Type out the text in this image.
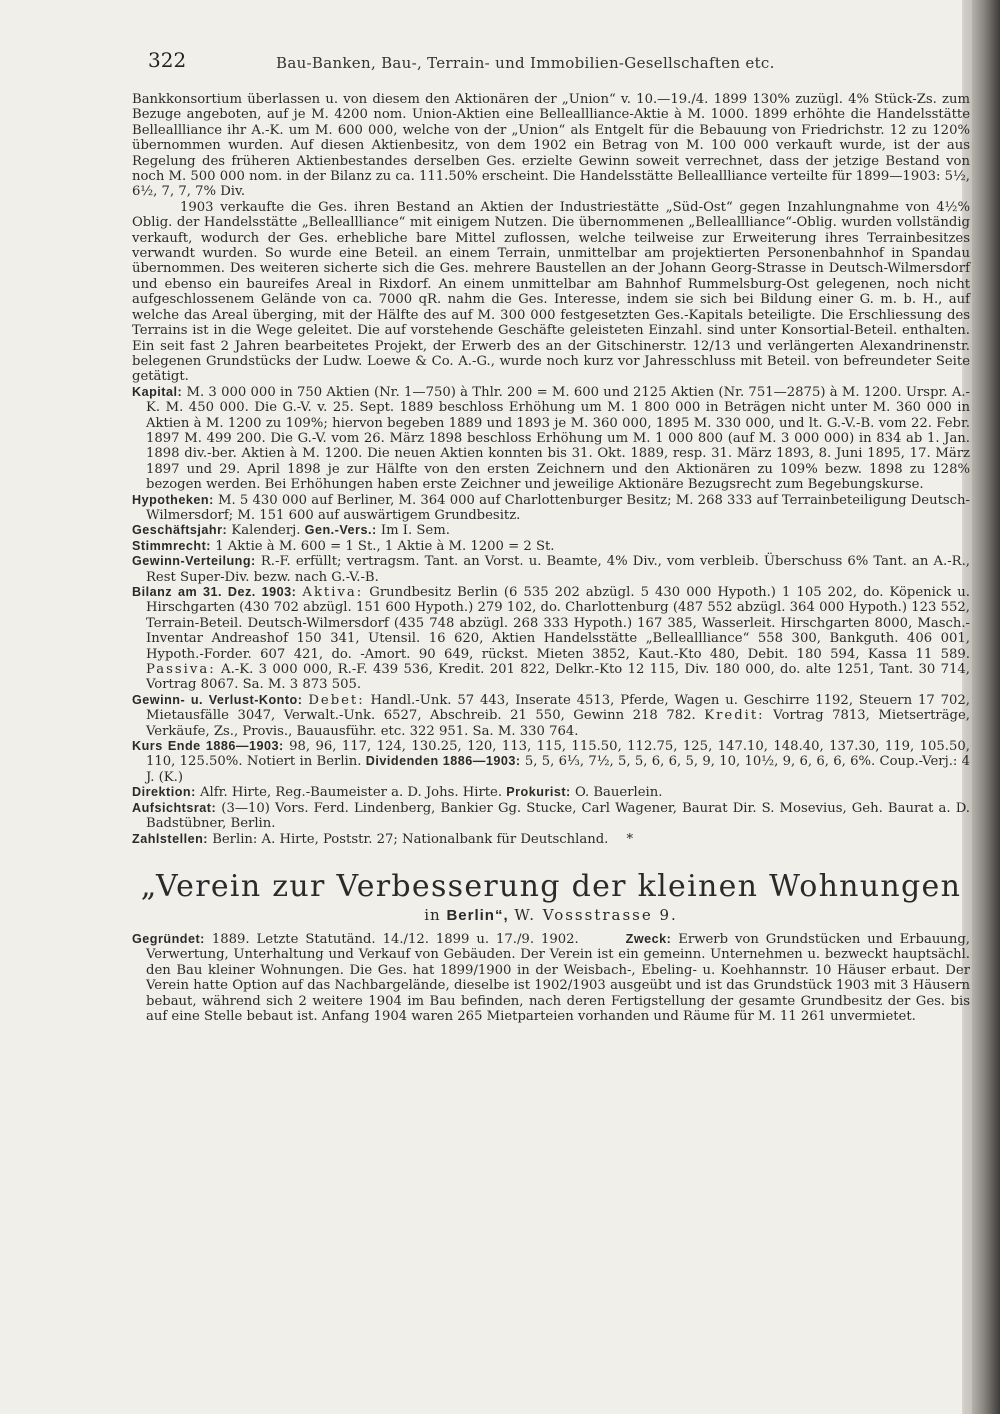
322	Bau-Banken, Bau-, Terrain- und Immobilien-Gesellschaften etc.

Bankkonsortium überlassen u. von diesem den Aktionären der „Union“ v. 10.—19./4. 1899 130% zuzügl. 4% Stück-Zs. zum Bezuge angeboten, auf je M. 4200 nom. Union-Aktien eine Belleallliance-Aktie à M. 1000. 1899 erhöhte die Handelsstätte Belleallliance ihr A.-K. um M. 600 000, welche von der „Union“ als Entgelt für die Bebauung von Friedrichstr. 12 zu 120% übernommen wurden. Auf diesen Aktienbesitz, von dem 1902 ein Betrag von M. 100 000 verkauft wurde, ist der aus Regelung des früheren Aktienbestandes derselben Ges. erzielte Gewinn soweit verrechnet, dass der jetzige Bestand von noch M. 500 000 nom. in der Bilanz zu ca. 111.50% erscheint. Die Handelsstätte Belleallliance verteilte für 1899—1903: 5½, 6½, 7, 7, 7% Div.

1903 verkaufte die Ges. ihren Bestand an Aktien der Industriestätte „Süd-Ost“ gegen Inzahlungnahme von 4½% Oblig. der Handelsstätte „Belleallliance“ mit einigem Nutzen. Die übernommenen „Belleallliance“-Oblig. wurden vollständig verkauft, wodurch der Ges. erhebliche bare Mittel zuflossen, welche teilweise zur Erweiterung ihres Terrainbesitzes verwandt wurden. So wurde eine Beteil. an einem Terrain, unmittelbar am projektierten Personenbahnhof in Spandau übernommen. Des weiteren sicherte sich die Ges. mehrere Baustellen an der Johann Georg-Strasse in Deutsch-Wilmersdorf und ebenso ein baureifes Areal in Rixdorf. An einem unmittelbar am Bahnhof Rummelsburg-Ost gelegenen, noch nicht aufgeschlossenem Gelände von ca. 7000 qR. nahm die Ges. Interesse, indem sie sich bei Bildung einer G. m. b. H., auf welche das Areal überging, mit der Hälfte des auf M. 300 000 festgesetzten Ges.-Kapitals beteiligte. Die Erschliessung des Terrains ist in die Wege geleitet. Die auf vorstehende Geschäfte geleisteten Einzahl. sind unter Konsortial-Beteil. enthalten. Ein seit fast 2 Jahren bearbeitetes Projekt, der Erwerb des an der Gitschinerstr. 12/13 und verlängerten Alexandrinenstr. belegenen Grundstücks der Ludw. Loewe & Co. A.-G., wurde noch kurz vor Jahresschluss mit Beteil. von befreundeter Seite getätigt.

Kapital: M. 3 000 000 in 750 Aktien (Nr. 1—750) à Thlr. 200 = M. 600 und 2125 Aktien (Nr. 751—2875) à M. 1200. Urspr. A.-K. M. 450 000. Die G.-V. v. 25. Sept. 1889 beschloss Erhöhung um M. 1 800 000 in Beträgen nicht unter M. 360 000 in Aktien à M. 1200 zu 109%; hiervon begeben 1889 und 1893 je M. 360 000, 1895 M. 330 000, und lt. G.-V.-B. vom 22. Febr. 1897 M. 499 200. Die G.-V. vom 26. März 1898 beschloss Erhöhung um M. 1 000 800 (auf M. 3 000 000) in 834 ab 1. Jan. 1898 div.-ber. Aktien à M. 1200. Die neuen Aktien konnten bis 31. Okt. 1889, resp. 31. März 1893, 8. Juni 1895, 17. März 1897 und 29. April 1898 je zur Hälfte von den ersten Zeichnern und den Aktionären zu 109% bezw. 1898 zu 128% bezogen werden. Bei Erhöhungen haben erste Zeichner und jeweilige Aktionäre Bezugsrecht zum Begebungskurse.

Hypotheken: M. 5 430 000 auf Berliner, M. 364 000 auf Charlottenburger Besitz; M. 268 333 auf Terrainbeteiligung Deutsch-Wilmersdorf; M. 151 600 auf auswärtigem Grundbesitz.

Geschäftsjahr: Kalenderj. Gen.-Vers.: Im I. Sem.

Stimmrecht: 1 Aktie à M. 600 = 1 St., 1 Aktie à M. 1200 = 2 St.

Gewinn-Verteilung: R.-F. erfüllt; vertragsm. Tant. an Vorst. u. Beamte, 4% Div., vom verbleib. Überschuss 6% Tant. an A.-R., Rest Super-Div. bezw. nach G.-V.-B.

Bilanz am 31. Dez. 1903: Aktiva: Grundbesitz Berlin (6 535 202 abzügl. 5 430 000 Hypoth.) 1 105 202, do. Köpenick u. Hirschgarten (430 702 abzügl. 151 600 Hypoth.) 279 102, do. Charlottenburg (487 552 abzügl. 364 000 Hypoth.) 123 552, Terrain-Beteil. Deutsch-Wilmersdorf (435 748 abzügl. 268 333 Hypoth.) 167 385, Wasserleit. Hirschgarten 8000, Masch.-Inventar Andreashof 150 341, Utensil. 16 620, Aktien Handelsstätte „Belleallliance“ 558 300, Bankguth. 406 001, Hypoth.-Forder. 607 421, do. -Amort. 90 649, rückst. Mieten 3852, Kaut.-Kto 480, Debit. 180 594, Kassa 11 589. Passiva: A.-K. 3 000 000, R.-F. 439 536, Kredit. 201 822, Delkr.-Kto 12 115, Div. 180 000, do. alte 1251, Tant. 30 714, Vortrag 8067. Sa. M. 3 873 505.

Gewinn- u. Verlust-Konto: Debet: Handl.-Unk. 57 443, Inserate 4513, Pferde, Wagen u. Geschirre 1192, Steuern 17 702, Mietausfälle 3047, Verwalt.-Unk. 6527, Abschreib. 21 550, Gewinn 218 782. Kredit: Vortrag 7813, Mietserträge, Verkäufe, Zs., Provis., Bauausführ. etc. 322 951. Sa. M. 330 764.

Kurs Ende 1886—1903: 98, 96, 117, 124, 130.25, 120, 113, 115, 115.50, 112.75, 125, 147.10, 148.40, 137.30, 119, 105.50, 110, 125.50%. Notiert in Berlin. Dividenden 1886—1903: 5, 5, 6⅓, 7½, 5, 5, 6, 6, 5, 9, 10, 10½, 9, 6, 6, 6, 6%. Coup.-Verj.: 4 J. (K.)

Direktion: Alfr. Hirte, Reg.-Baumeister a. D. Johs. Hirte. Prokurist: O. Bauerlein.

Aufsichtsrat: (3—10) Vors. Ferd. Lindenberg, Bankier Gg. Stucke, Carl Wagener, Baurat Dir. S. Mosevius, Geh. Baurat a. D. Badstübner, Berlin.

Zahlstellen: Berlin: A. Hirte, Poststr. 27; Nationalbank für Deutschland. *

„Verein zur Verbesserung der kleinen Wohnungen
in Berlin“, W. Vossstrasse 9.

Gegründet: 1889. Letzte Statutänd. 14./12. 1899 u. 17./9. 1902.	Zweck: Erwerb von Grundstücken und Erbauung, Verwertung, Unterhaltung und Verkauf von Gebäuden. Der Verein ist ein gemeinn. Unternehmen u. bezweckt hauptsächl. den Bau kleiner Wohnungen. Die Ges. hat 1899/1900 in der Weisbach-, Ebeling- u. Koehhannstr. 10 Häuser erbaut. Der Verein hatte Option auf das Nachbargelände, dieselbe ist 1902/1903 ausgeübt und ist das Grundstück 1903 mit 3 Häusern bebaut, während sich 2 weitere 1904 im Bau befinden, nach deren Fertigstellung der gesamte Grundbesitz der Ges. bis auf eine Stelle bebaut ist. Anfang 1904 waren 265 Mietparteien vorhanden und Räume für M. 11 261 unvermietet.
